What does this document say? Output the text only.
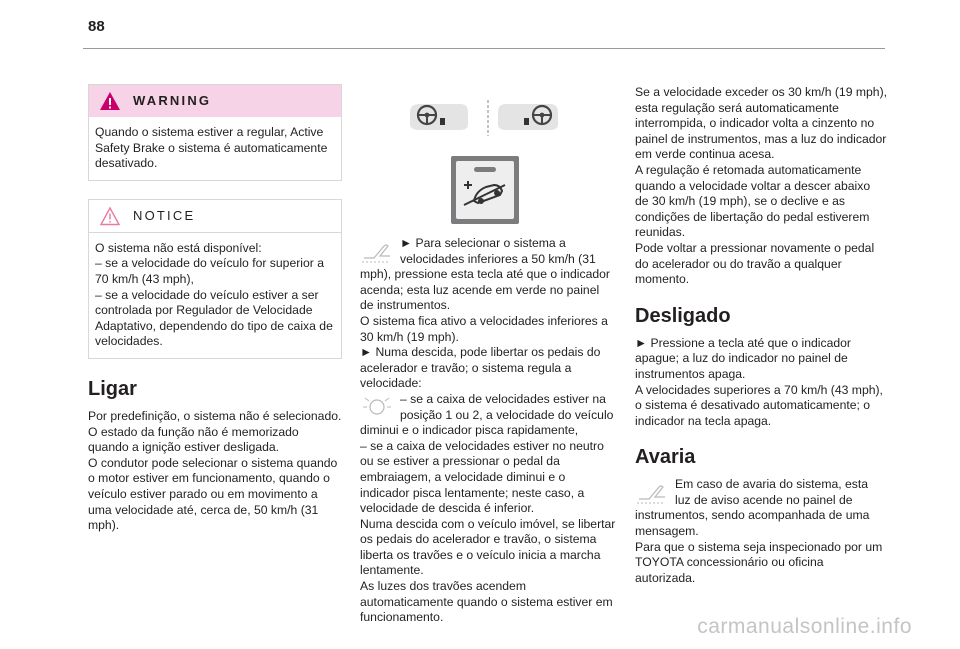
88
WARNING

Quando o sistema estiver a regular, Active Safety Brake o sistema é automaticamente desativado.

NOTICE

O sistema não está disponível:

– se a velocidade do veículo for superior a 70 km/h (43 mph),

– se a velocidade do veículo estiver a ser controlada por Regulador de Velocidade Adaptativo, dependendo do tipo de caixa de velocidades.

Ligar

Por predefinição, o sistema não é selecionado.

O estado da função não é memorizado quando a ignição estiver desligada.

O condutor pode selecionar o sistema quando o motor estiver em funcionamento, quando o veículo estiver parado ou em movimento a uma velocidade até, cerca de, 50 km/h (31 mph).

► Para selecionar o sistema a velocidades inferiores a 50 km/h (31 mph), pressione esta tecla até que o indicador acenda; esta luz acende em verde no painel de instrumentos.

O sistema fica ativo a velocidades inferiores a 30 km/h (19 mph).

► Numa descida, pode libertar os pedais do acelerador e travão; o sistema regula a velocidade:

– se a caixa de velocidades estiver na posição 1 ou 2, a velocidade do veículo diminui e o indicador pisca rapidamente,

– se a caixa de velocidades estiver no neutro ou se estiver a pressionar o pedal da embraiagem, a velocidade diminui e o indicador pisca lentamente; neste caso, a velocidade de descida é inferior.

Numa descida com o veículo imóvel, se libertar os pedais do acelerador e travão, o sistema liberta os travões e o veículo inicia a marcha lentamente.

As luzes dos travões acendem automaticamente quando o sistema estiver em funcionamento.

Se a velocidade exceder os 30 km/h (19 mph), esta regulação será automaticamente interrompida, o indicador volta a cinzento no painel de instrumentos, mas a luz do indicador em verde continua acesa.

A regulação é retomada automaticamente quando a velocidade voltar a descer abaixo de 30 km/h (19 mph), se o declive e as condições de libertação do pedal estiverem reunidas.

Pode voltar a pressionar novamente o pedal do acelerador ou do travão a qualquer momento.

Desligado

► Pressione a tecla até que o indicador apague; a luz do indicador no painel de instrumentos apaga.

A velocidades superiores a 70 km/h (43 mph), o sistema é desativado automaticamente; o indicador na tecla apaga.

Avaria

Em caso de avaria do sistema, esta luz de aviso acende no painel de instrumentos, sendo acompanhada de uma mensagem.

Para que o sistema seja inspecionado por um TOYOTA concessionário ou oficina autorizada.

carmanualsonline.info
